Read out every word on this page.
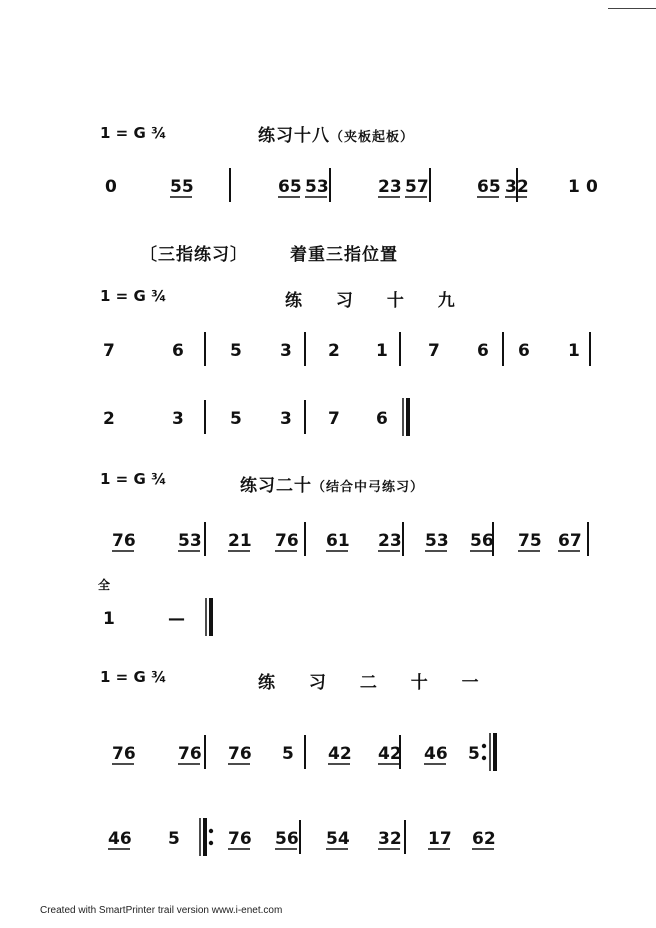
1 = G ¾	练习十八（夹板起板）
0	55	65 53	23 57	65 32 1 0
〔三指练习〕 着重三指位置
1 = G ¾	练 习 十 九
7	6	5 3 2 1 7 6 6 1
2	3	5 3 7 6
1 = G ¾	练习二十（结合中弓练习）
76 53 21 76 61 23 53 56 75 67
全
1	—
1 = G ¾	练 习 二 十 一
76 76 76 5 42 42 46 5
46 5	76 56 54 32 17 62
Created with SmartPrinter trail version www.i-enet.com
